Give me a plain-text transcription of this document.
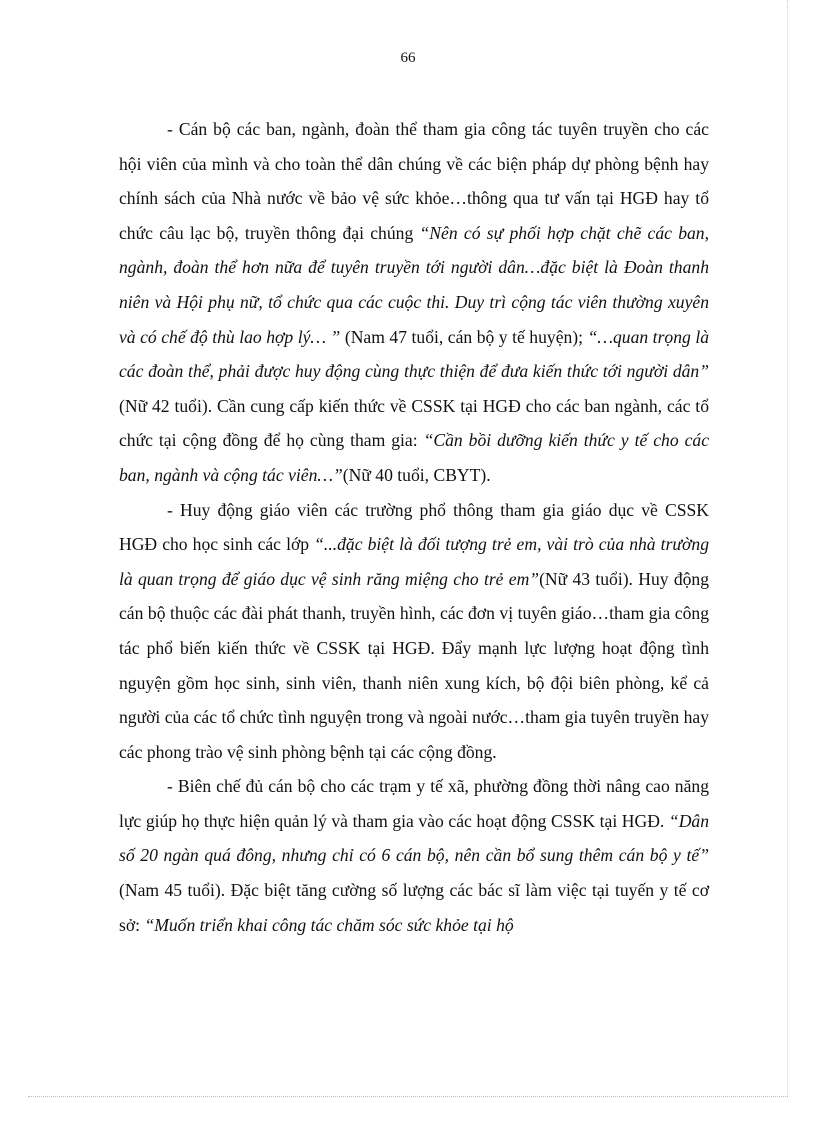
66

- Cán bộ các ban, ngành, đoàn thể tham gia công tác tuyên truyền cho các hội viên của mình và cho toàn thể dân chúng về các biện pháp dự phòng bệnh hay chính sách của Nhà nước về bảo vệ sức khỏe…thông qua tư vấn tại HGĐ hay tổ chức câu lạc bộ, truyền thông đại chúng “Nên có sự phối hợp chặt chẽ các ban, ngành, đoàn thể hơn nữa để tuyên truyền tới người dân…đặc biệt là Đoàn thanh niên và Hội phụ nữ, tổ chức qua các cuộc thi. Duy trì cộng tác viên thường xuyên và có chế độ thù lao hợp lý… ” (Nam 47 tuổi, cán bộ y tế huyện); “…quan trọng là các đoàn thể, phải được huy động cùng thực thiện để đưa kiến thức tới người dân” (Nữ 42 tuổi). Cần cung cấp kiến thức về CSSK tại HGĐ cho các ban ngành, các tổ chức tại cộng đồng để họ cùng tham gia: “Cần bồi dưỡng kiến thức y tế cho các ban, ngành và cộng tác viên…”(Nữ 40 tuổi, CBYT).

- Huy động giáo viên các trường phổ thông tham gia giáo dục về CSSK HGĐ cho học sinh các lớp “...đặc biệt là đối tượng trẻ em, vài trò của nhà trường là quan trọng để giáo dục vệ sinh răng miệng cho trẻ em”(Nữ 43 tuổi). Huy động cán bộ thuộc các đài phát thanh, truyền hình, các đơn vị tuyên giáo…tham gia công tác phổ biến kiến thức về CSSK tại HGĐ. Đẩy mạnh lực lượng hoạt động tình nguyện gồm học sinh, sinh viên, thanh niên xung kích, bộ đội biên phòng, kể cả người của các tổ chức tình nguyện trong và ngoài nước…tham gia tuyên truyền hay các phong trào vệ sinh phòng bệnh tại các cộng đồng.

- Biên chế đủ cán bộ cho các trạm y tế xã, phường đồng thời nâng cao năng lực giúp họ thực hiện quản lý và tham gia vào các hoạt động CSSK tại HGĐ. “Dân số 20 ngàn quá đông, nhưng chỉ có 6 cán bộ, nên cần bổ sung thêm cán bộ y tế” (Nam 45 tuổi). Đặc biệt tăng cường số lượng các bác sĩ làm việc tại tuyến y tế cơ sở: “Muốn triển khai công tác chăm sóc sức khỏe tại hộ
